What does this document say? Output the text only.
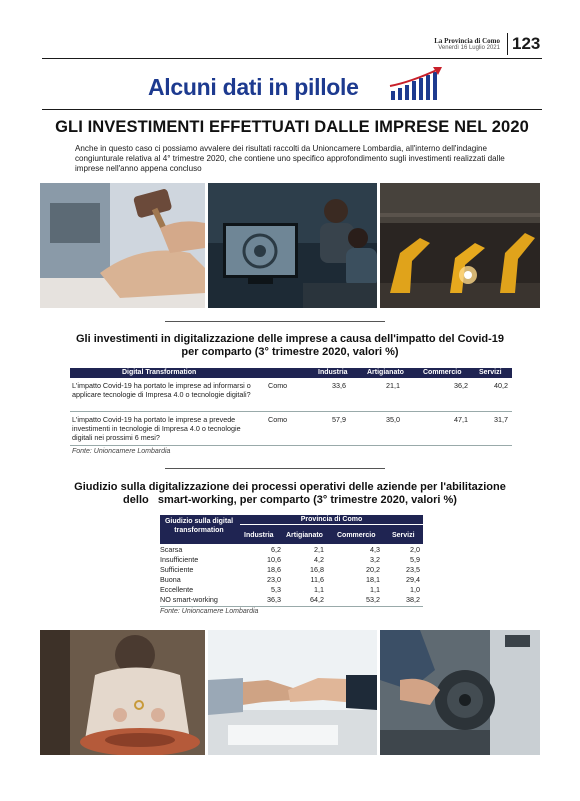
La Provincia di Como
Venerdì 16 Luglio 2021 123
Alcuni dati in pillole
GLI INVESTIMENTI EFFETTUATI DALLE IMPRESE NEL 2020
Anche in questo caso ci possiamo avvalere dei risultati raccolti da Unioncamere Lombardia, all'interno dell'indagine congiunturale relativa al 4° trimestre 2020, che contiene uno specifico approfondimento sugli investimenti realizzati dalle imprese nell'anno appena concluso
Gli investimenti in digitalizzazione delle imprese a causa dell'impatto del Covid-19
per comparto (3° trimestre 2020, valori %)
Digital Transformation	Industria	Artigianato	Commercio Servizi
L'impatto Covid-19 ha portato le imprese ad informarsi o applicare tecnologie di Impresa 4.0 o tecnologie digitali?
Como	33,6	21,1	36,2	40,2
L'impatto Covid-19 ha portato le imprese a prevede investimenti in tecnologie di Impresa 4.0 o tecnologie digitali nei prossimi 6 mesi?
Como	57,9	35,0	47,1	31,7
Fonte: Unioncamere Lombardia
Giudizio sulla digitalizzazione dei processi operativi delle aziende per l'abilitazione
dello   smart-working, per comparto (3° trimestre 2020, valori %)
Giudizio sulla digital transformation
Provincia di Como
Industria Artigianato Commercio Servizi
Scarsa	6,2	2,1	4,3	2,0
Insufficiente	10,6	4,2	3,2	5,9
Sufficiente	18,6	16,8	20,2	23,5
Buona	23,0	11,6	18,1	29,4
Eccellente	5,3	1,1	1,1	1,0
NO smart-working	36,3	64,2	53,2	38,2
Fonte: Unioncamere Lombardia
